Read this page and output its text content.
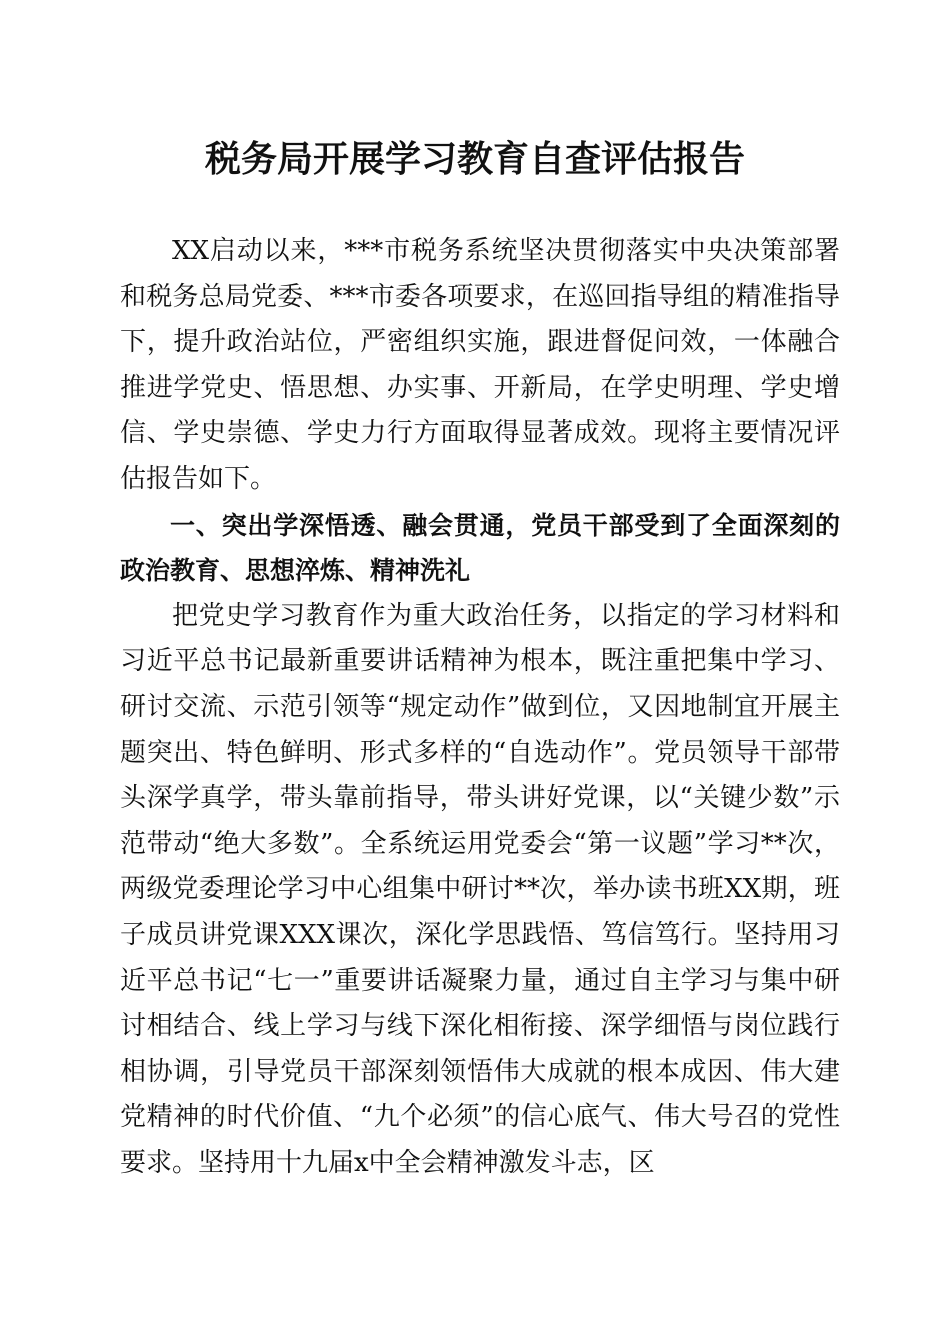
税务局开展学习教育自查评估报告

XX启动以来，***市税务系统坚决贯彻落实中央决策部署和税务总局党委、***市委各项要求，在巡回指导组的精准指导下，提升政治站位，严密组织实施，跟进督促问效，一体融合推进学党史、悟思想、办实事、开新局，在学史明理、学史增信、学史崇德、学史力行方面取得显著成效。现将主要情况评估报告如下。

一、突出学深悟透、融会贯通，党员干部受到了全面深刻的政治教育、思想淬炼、精神洗礼

把党史学习教育作为重大政治任务，以指定的学习材料和习近平总书记最新重要讲话精神为根本，既注重把集中学习、研讨交流、示范引领等“规定动作”做到位，又因地制宜开展主题突出、特色鲜明、形式多样的“自选动作”。党员领导干部带头深学真学，带头靠前指导，带头讲好党课，以“关键少数”示范带动“绝大多数”。全系统运用党委会“第一议题”学习**次，两级党委理论学习中心组集中研讨**次，举办读书班XX期，班子成员讲党课XXX课次，深化学思践悟、笃信笃行。坚持用习近平总书记“七一”重要讲话凝聚力量，通过自主学习与集中研讨相结合、线上学习与线下深化相衔接、深学细悟与岗位践行相协调，引导党员干部深刻领悟伟大成就的根本成因、伟大建党精神的时代价值、“九个必须”的信心底气、伟大号召的党性要求。坚持用十九届x中全会精神激发斗志，区
